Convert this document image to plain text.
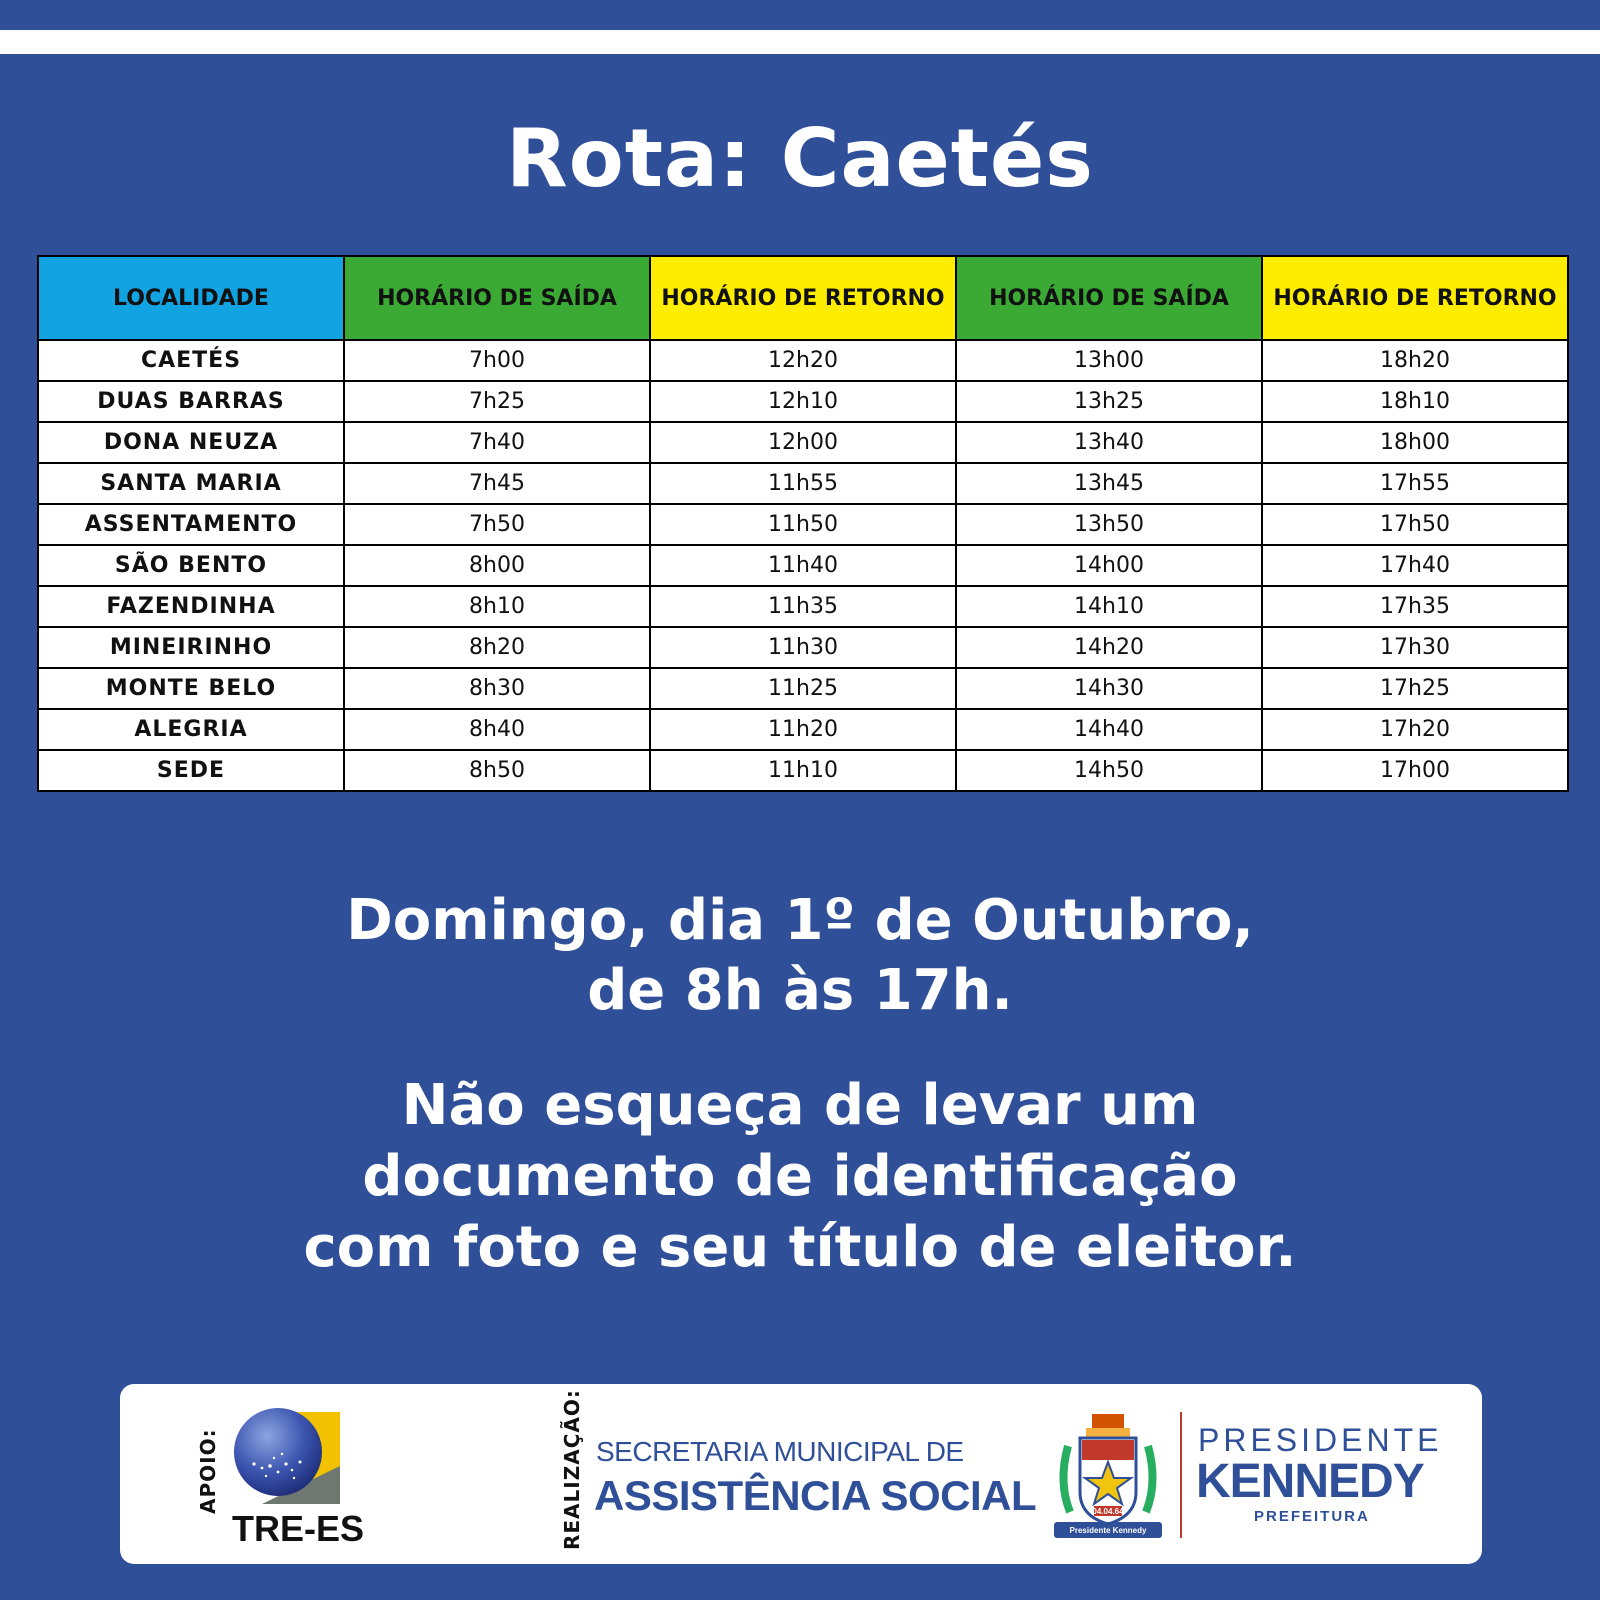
Rota: Caetés
LOCALIDADE	HORÁRIO DE SAÍDA	HORÁRIO DE RETORNO	HORÁRIO DE SAÍDA	HORÁRIO DE RETORNO
CAETÉS	7h00	12h20	13h00	18h20
DUAS BARRAS	7h25	12h10	13h25	18h10
DONA NEUZA	7h40	12h00	13h40	18h00
SANTA MARIA	7h45	11h55	13h45	17h55
ASSENTAMENTO	7h50	11h50	13h50	17h50
SÃO BENTO	8h00	11h40	14h00	17h40
FAZENDINHA	8h10	11h35	14h10	17h35
MINEIRINHO	8h20	11h30	14h20	17h30
MONTE BELO	8h30	11h25	14h30	17h25
ALEGRIA	8h40	11h20	14h40	17h20
SEDE	8h50	11h10	14h50	17h00

Domingo, dia 1º de Outubro,
de 8h às 17h.

Não esqueça de levar um
documento de identificação
com foto e seu título de eleitor.

APOIO:
TRE-ES	REALIZAÇÃO: SECRETARIA MUNICIPAL DE
ASSISTÊNCIA SOCIAL	04.04.64
Presidente Kennedy
PRESIDENTE
KENNEDY
PREFEITURA
